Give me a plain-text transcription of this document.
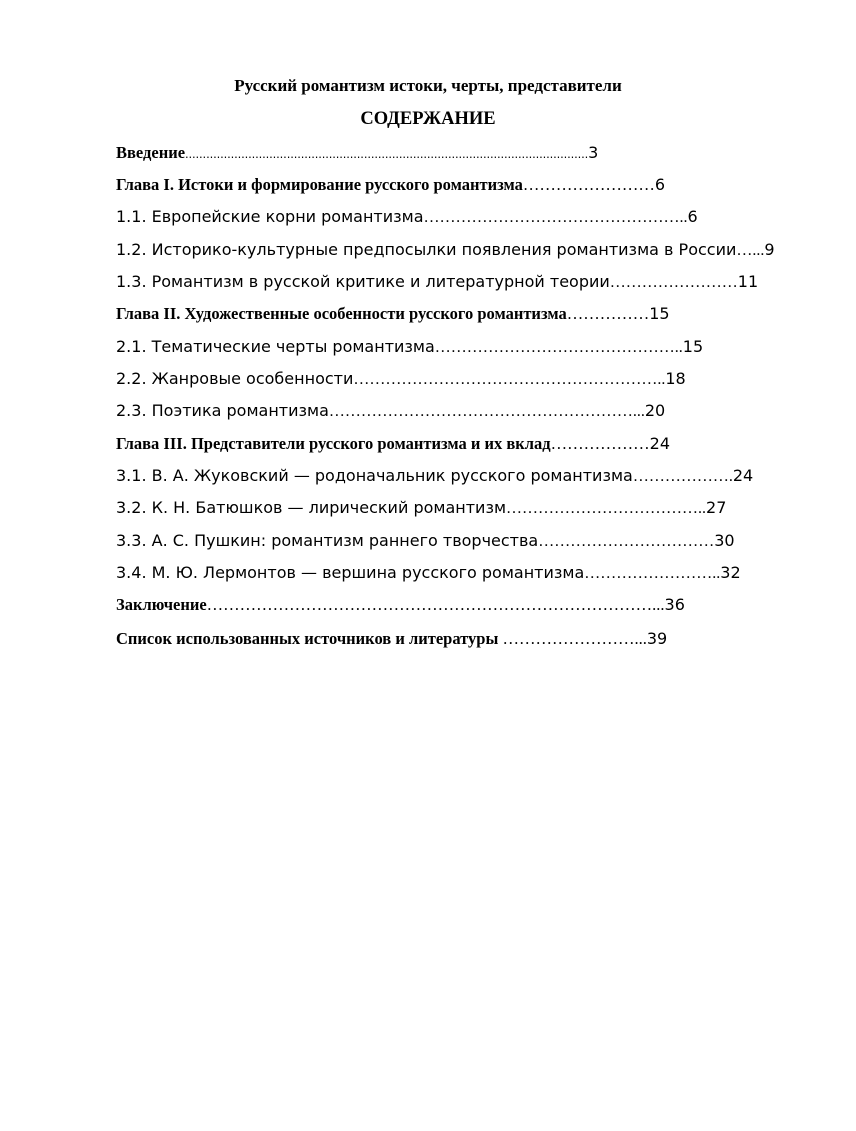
Русский романтизм истоки, черты, представители
СОДЕРЖАНИЕ
Введение...................................................................................................................3
Глава I. Истоки и формирование русского романтизма……………………6
1.1. Европейские корни романтизма…………………………………………..6
1.2. Историко-культурные предпосылки появления романтизма в России…...9
1.3. Романтизм в русской критике и литературной теории……………………11
Глава II. Художественные особенности русского романтизма……………15
2.1. Тематические черты романтизма………………………………………..15
2.2. Жанровые особенности…………………………………………………..18
2.3. Поэтика романтизма…………………………………………………...20
Глава III. Представители русского романтизма и их вклад………………24
3.1. В. А. Жуковский — родоначальник русского романтизма……………….24
3.2. К. Н. Батюшков — лирический романтизм………………………………..27
3.3. А. С. Пушкин: романтизм раннего творчества……………………………30
3.4. М. Ю. Лермонтов — вершина русского романтизма……………………..32
Заключение………………………………………………………………………...36
Список использованных источников и литературы ……………………...39
